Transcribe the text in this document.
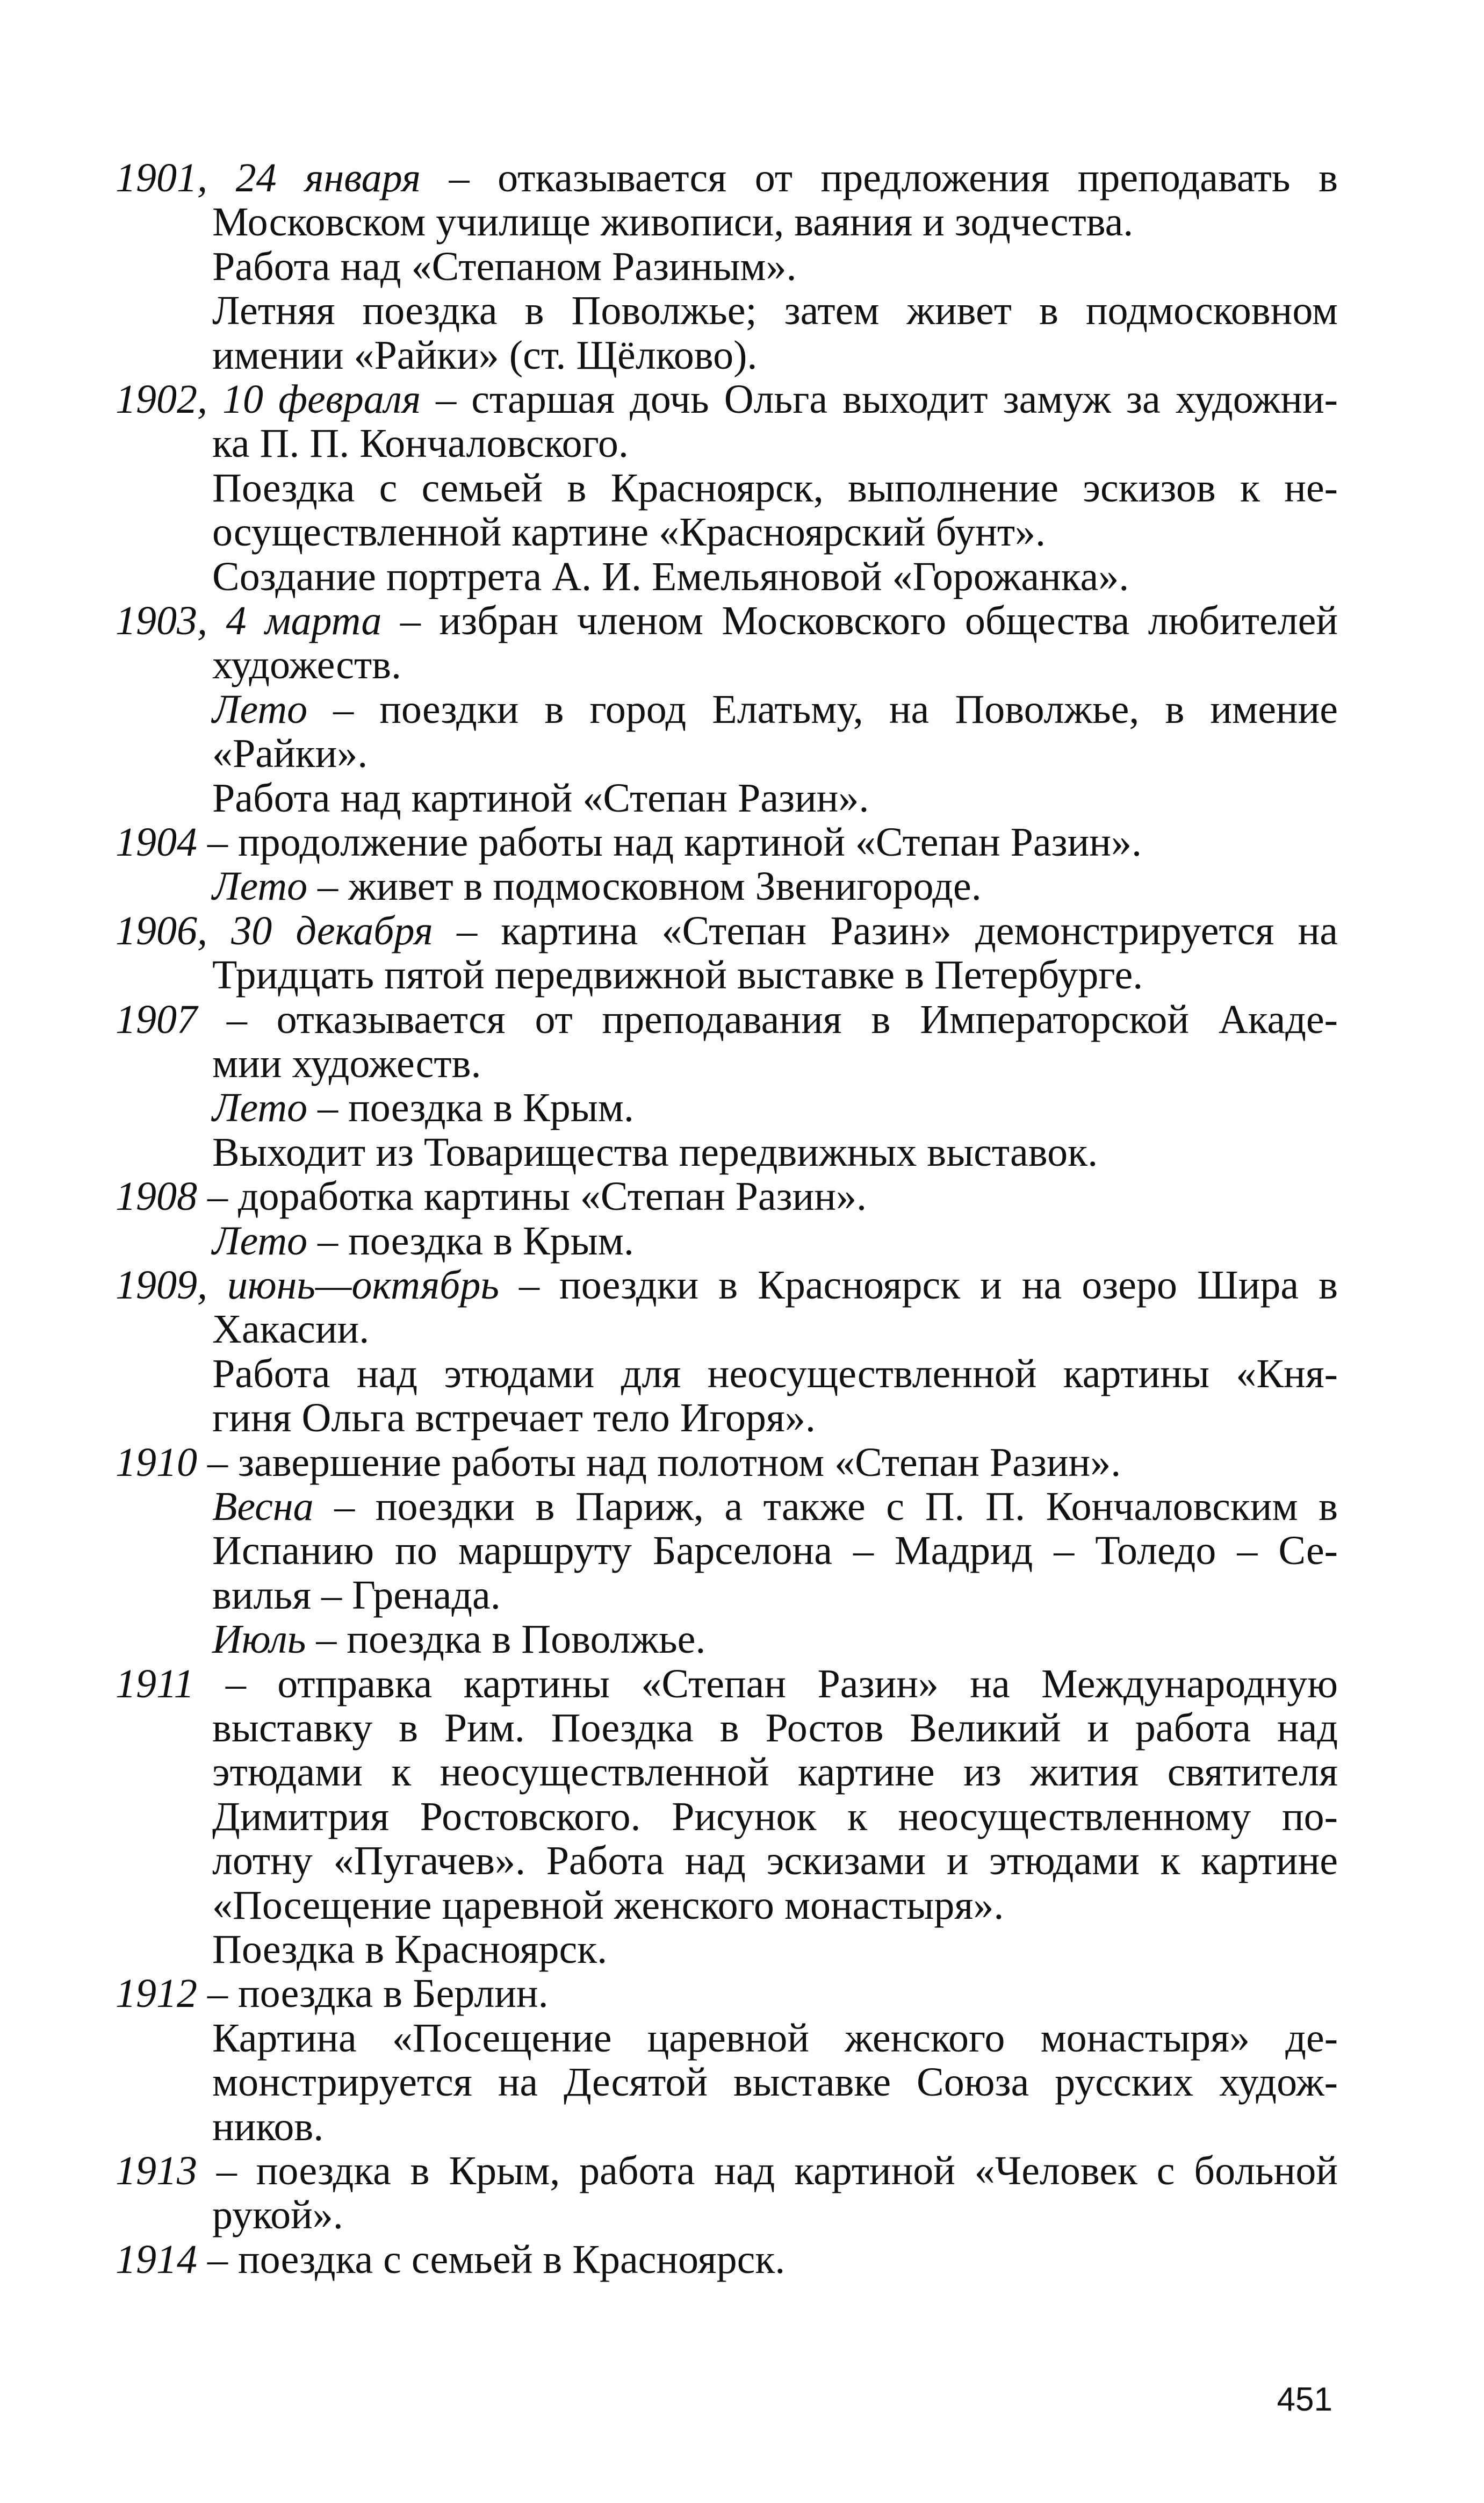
1901, 24 января – отказывается от предложения преподавать в
Московском училище живописи, ваяния и зодчества.
Работа над «Степаном Разиным».
Летняя поездка в Поволжье; затем живет в подмосковном
имении «Райки» (ст. Щёлково).
1902, 10 февраля – старшая дочь Ольга выходит замуж за художни-
ка П. П. Кончаловского.
Поездка с семьей в Красноярск, выполнение эскизов к не-
осуществленной картине «Красноярский бунт».
Создание портрета А. И. Емельяновой «Горожанка».
1903, 4 марта – избран членом Московского общества любителей
художеств.
Лето – поездки в город Елатьму, на Поволжье, в имение
«Райки».
Работа над картиной «Степан Разин».
1904 – продолжение работы над картиной «Степан Разин».
Лето – живет в подмосковном Звенигороде.
1906, 30 декабря – картина «Степан Разин» демонстрируется на
Тридцать пятой передвижной выставке в Петербурге.
1907 – отказывается от преподавания в Императорской Акаде-
мии художеств.
Лето – поездка в Крым.
Выходит из Товарищества передвижных выставок.
1908 – доработка картины «Степан Разин».
Лето – поездка в Крым.
1909, июнь—октябрь – поездки в Красноярск и на озеро Шира в
Хакасии.
Работа над этюдами для неосуществленной картины «Кня-
гиня Ольга встречает тело Игоря».
1910 – завершение работы над полотном «Степан Разин».
Весна – поездки в Париж, а также с П. П. Кончаловским в
Испанию по маршруту Барселона – Мадрид – Толедо – Се-
вилья – Гренада.
Июль – поездка в Поволжье.
1911 – отправка картины «Степан Разин» на Международную
выставку в Рим. Поездка в Ростов Великий и работа над
этюдами к неосуществленной картине из жития святителя
Димитрия Ростовского. Рисунок к неосуществленному по-
лотну «Пугачев». Работа над эскизами и этюдами к картине
«Посещение царевной женского монастыря».
Поездка в Красноярск.
1912 – поездка в Берлин.
Картина «Посещение царевной женского монастыря» де-
монстрируется на Десятой выставке Союза русских худож-
ников.
1913 – поездка в Крым, работа над картиной «Человек с больной
рукой».
1914 – поездка с семьей в Красноярск.
451
